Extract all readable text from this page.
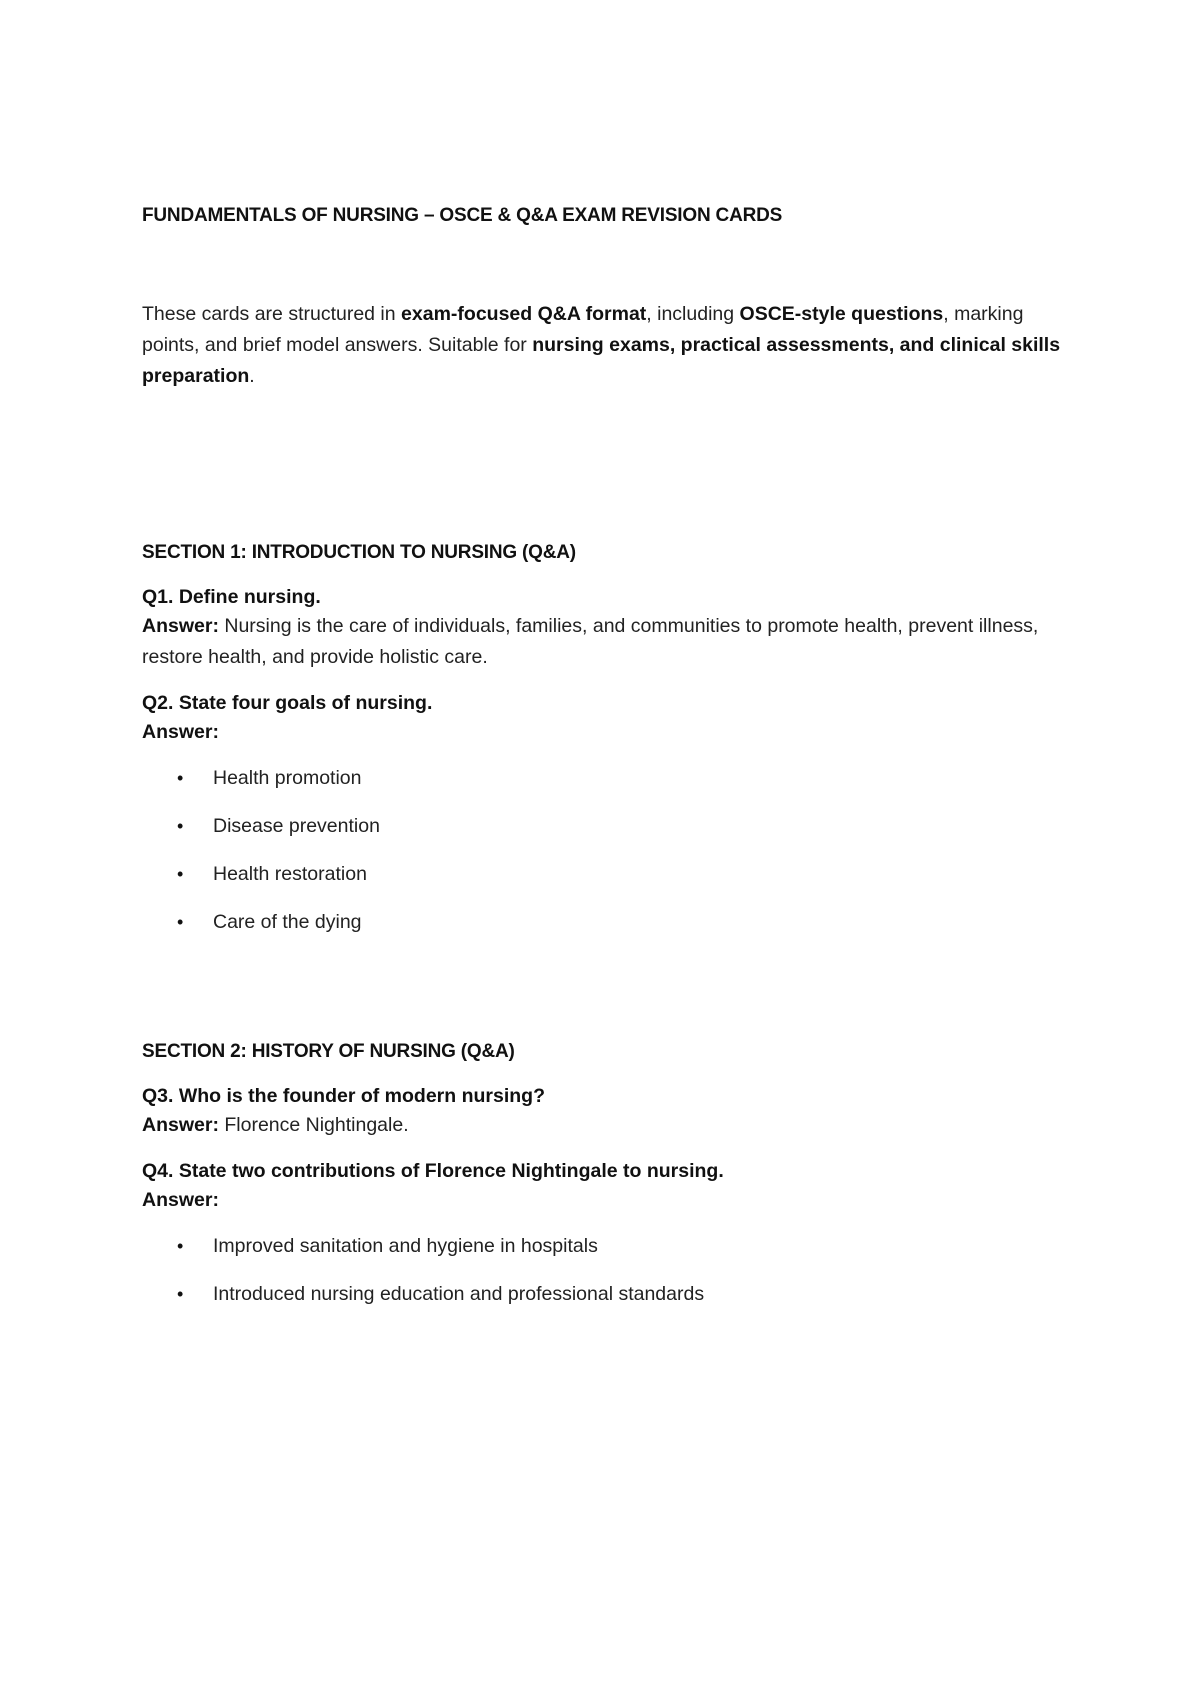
FUNDAMENTALS OF NURSING – OSCE & Q&A EXAM REVISION CARDS

These cards are structured in exam-focused Q&A format, including OSCE-style questions, marking points, and brief model answers. Suitable for nursing exams, practical assessments, and clinical skills preparation.

SECTION 1: INTRODUCTION TO NURSING (Q&A)

Q1. Define nursing.

Answer: Nursing is the care of individuals, families, and communities to promote health, prevent illness, restore health, and provide holistic care.

Q2. State four goals of nursing.

Answer:

• Health promotion
• Disease prevention
• Health restoration
• Care of the dying
SECTION 2: HISTORY OF NURSING (Q&A)

Q3. Who is the founder of modern nursing?

Answer: Florence Nightingale.

Q4. State two contributions of Florence Nightingale to nursing.

Answer:

• Improved sanitation and hygiene in hospitals
• Introduced nursing education and professional standards
